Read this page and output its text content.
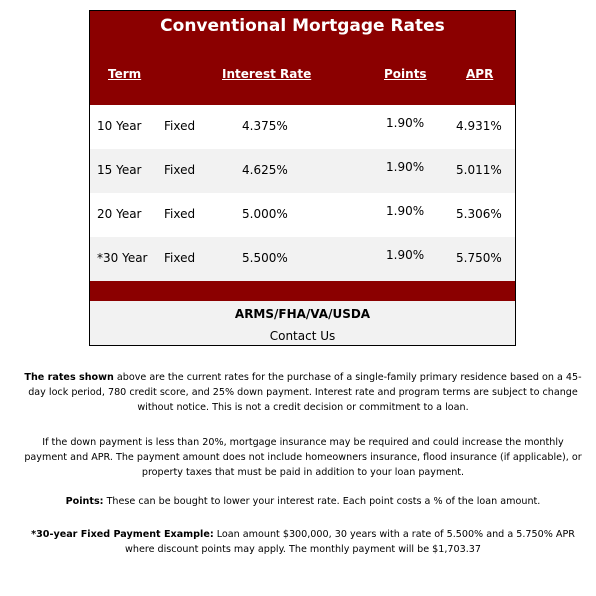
Conventional Mortgage Rates
Term	Interest Rate	Points	APR
10 Year Fixed	4.375%	1.90%	4.931%
15 Year Fixed	4.625%	1.90%	5.011%
20 Year Fixed	5.000%	1.90%	5.306%
*30 Year Fixed	5.500%	1.90%	5.750%
ARMS/FHA/VA/USDA
Contact Us

The rates shown above are the current rates for the purchase of a single-family primary residence based on a 45-day lock period, 780 credit score, and 25% down payment. Interest rate and program terms are subject to change without notice. This is not a credit decision or commitment to a loan.

If the down payment is less than 20%, mortgage insurance may be required and could increase the monthly payment and APR. The payment amount does not include homeowners insurance, flood insurance (if applicable), or property taxes that must be paid in addition to your loan payment.

Points: These can be bought to lower your interest rate. Each point costs a % of the loan amount.

*30-year Fixed Payment Example: Loan amount $300,000, 30 years with a rate of 5.500% and a 5.750% APR where discount points may apply. The monthly payment will be $1,703.37
